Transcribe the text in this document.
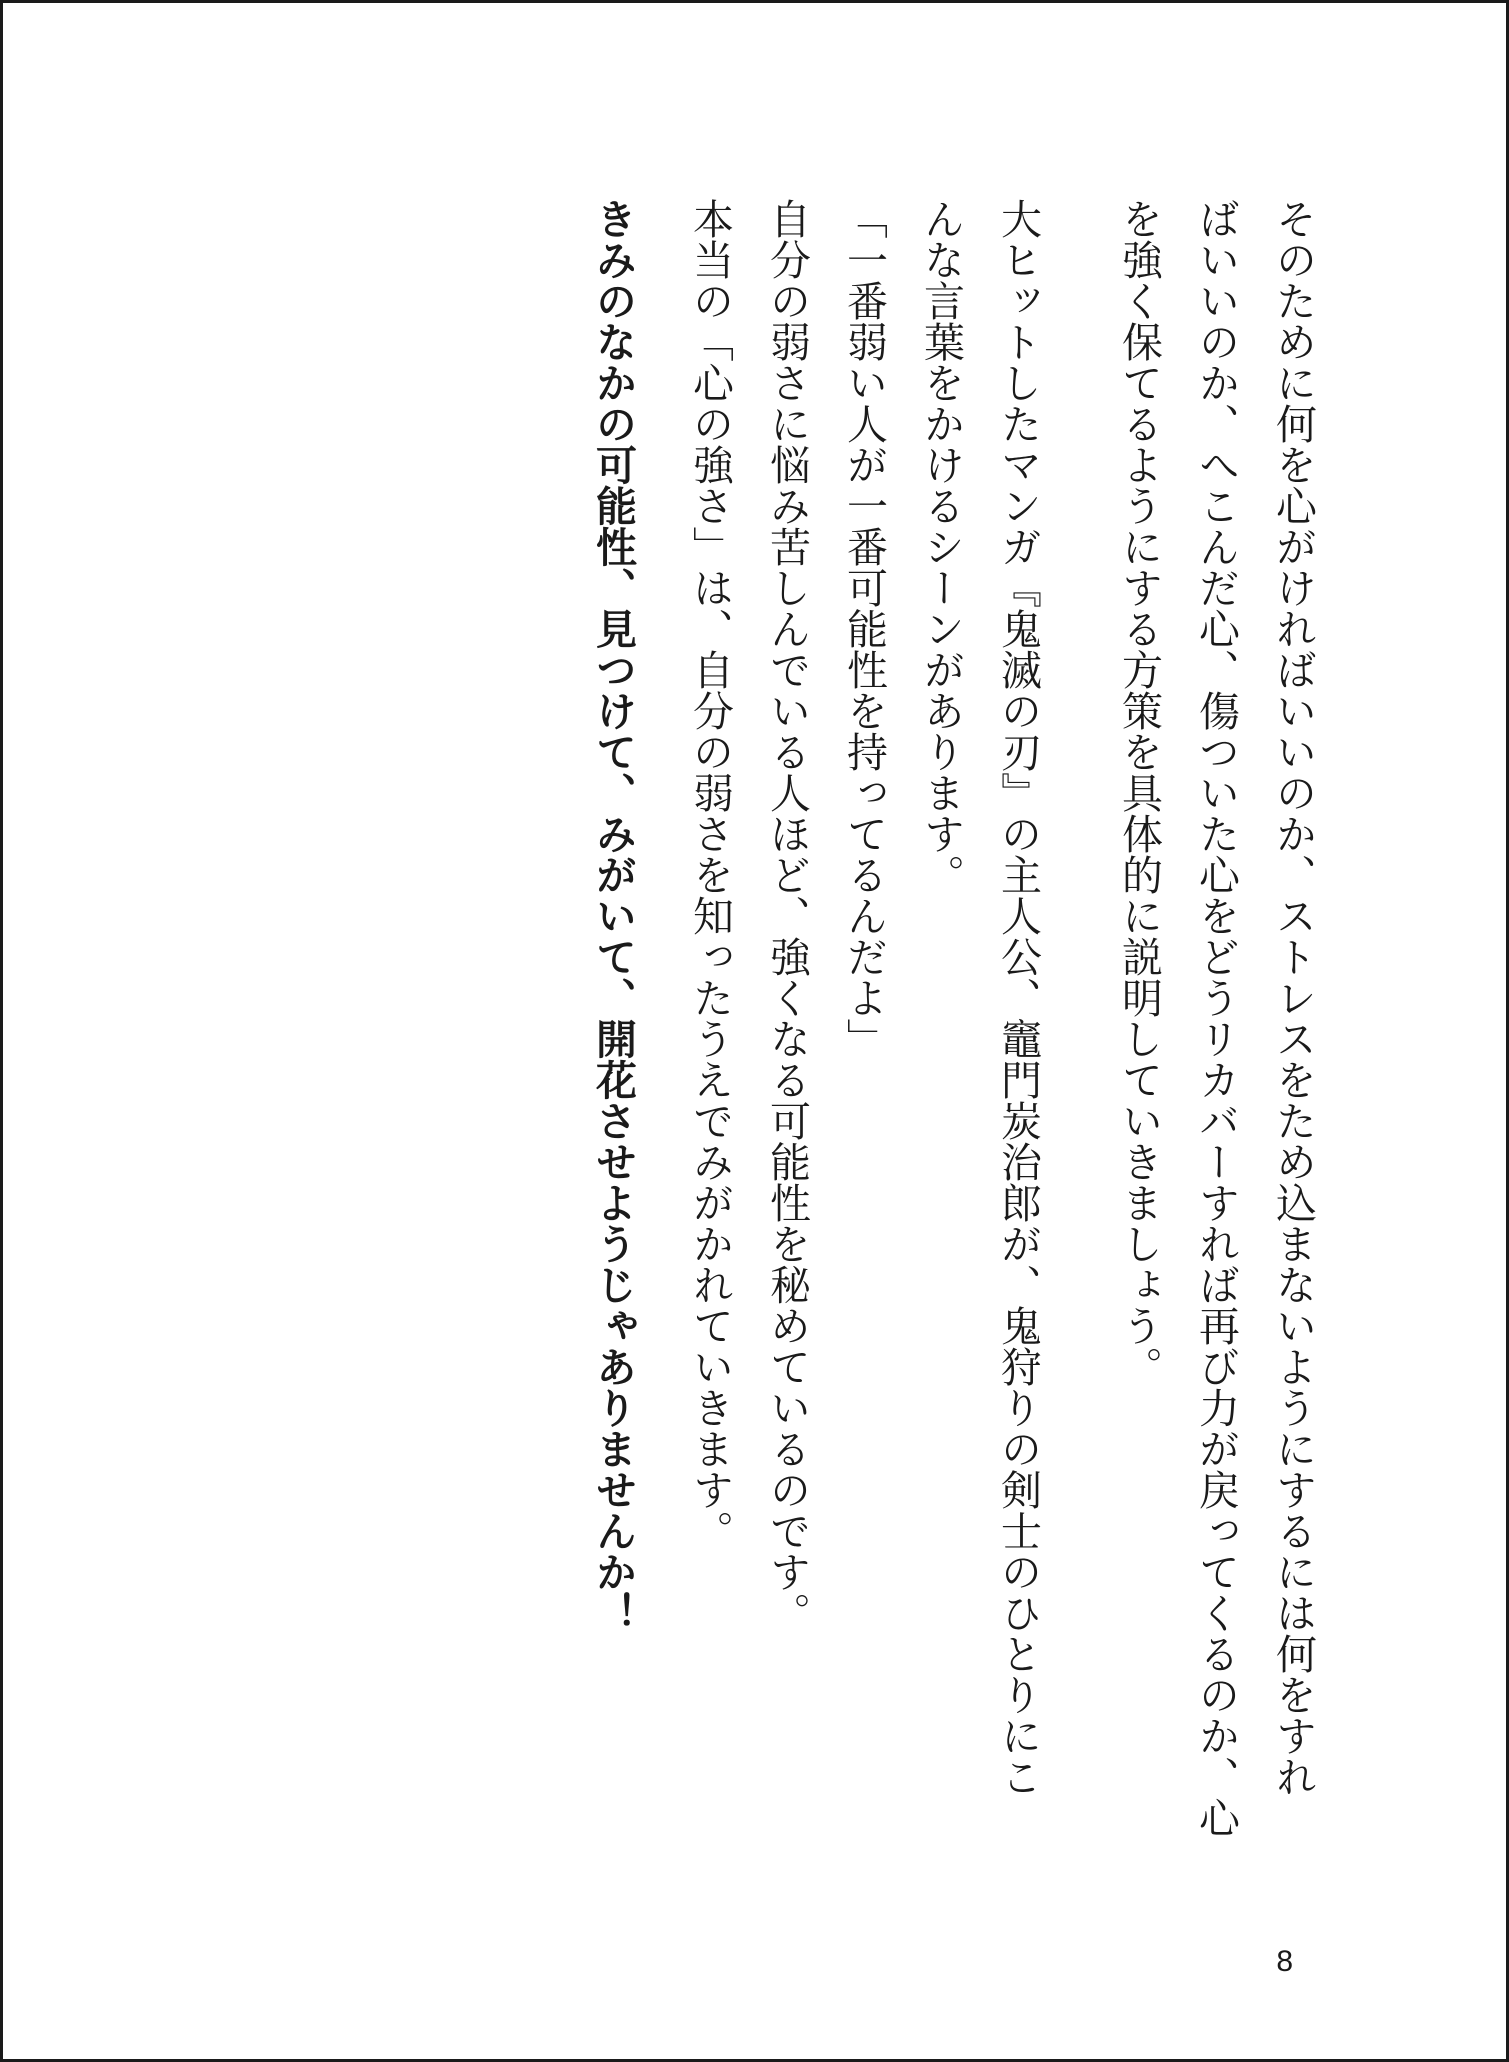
そのために何を心がければいいのか、ストレスをため込まないようにするには何をすれ
ばいいのか、へこんだ心、傷ついた心をどうリカバーすれば再び力が戻ってくるのか、心
を強く保てるようにする方策を具体的に説明していきましょう。
大ヒットしたマンガ『鬼滅の刃』の主人公、竈門炭治郎が、鬼狩りの剣士のひとりにこ
んな言葉をかけるシーンがあります。
「一番弱い人が一番可能性を持ってるんだよ」
自分の弱さに悩み苦しんでいる人ほど、強くなる可能性を秘めているのです。
本当の「心の強さ」は、自分の弱さを知ったうえでみがかれていきます。
きみのなかの可能性、見つけて、みがいて、開花させようじゃありませんか！
8
